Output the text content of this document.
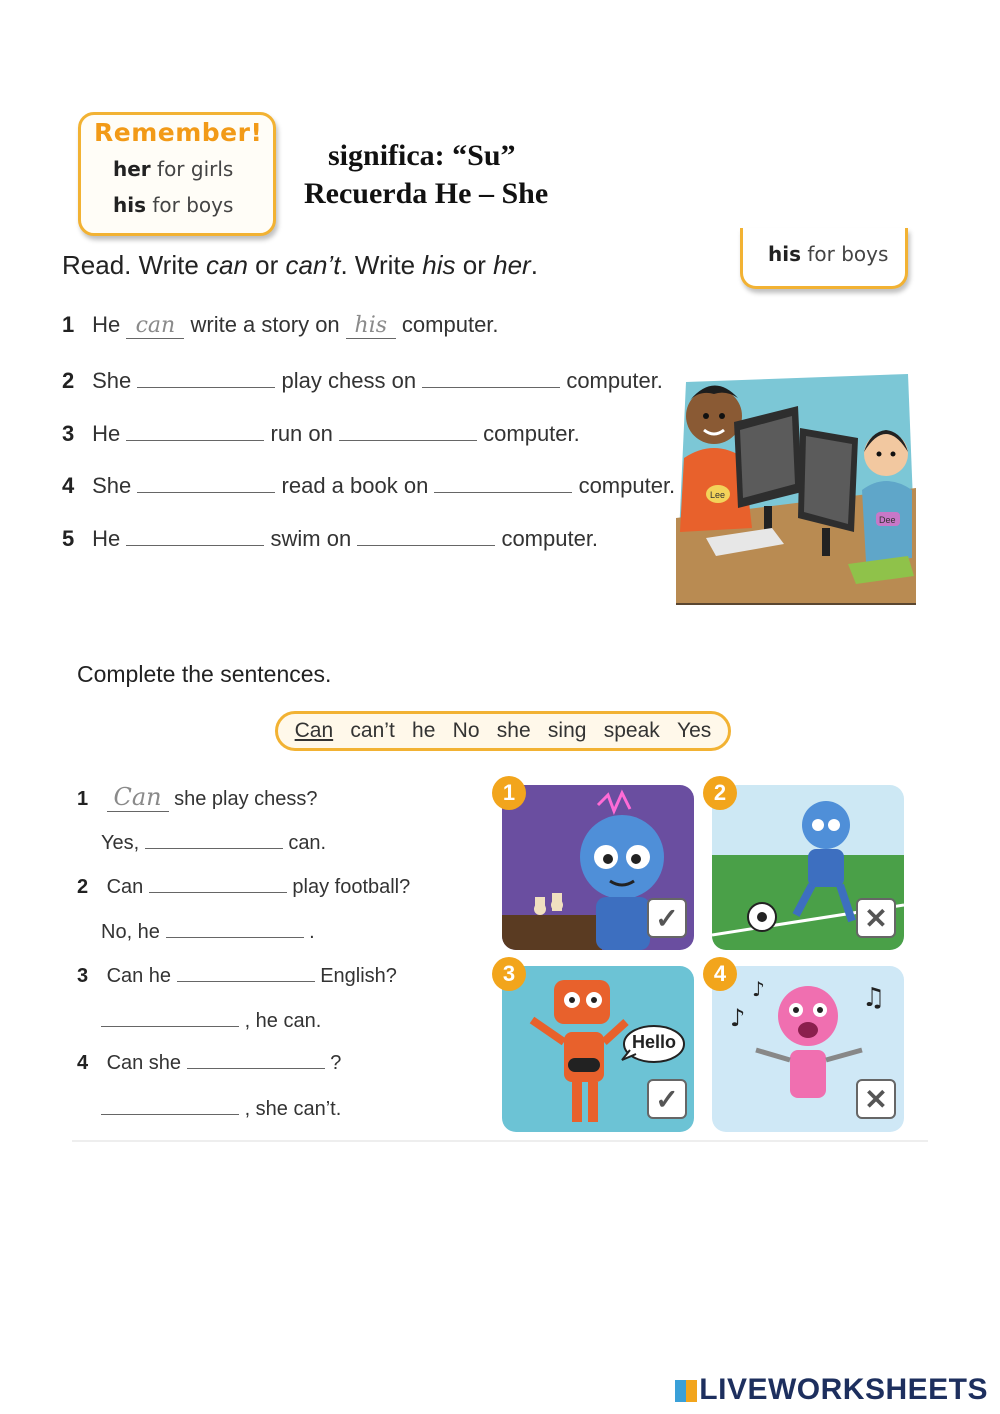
Remember!
her for girls
his for boys
significa: “Su”
Recuerda He – She
his for boys
Read. Write can or can’t. Write his or her.
1 He can write a story on his computer.
2 She	play chess on	computer.
3 He	run on	computer.
4 She	read a book on	computer.
5 He	swim on	computer.
Lee
Dee
Complete the sentences.
Can can’t he No she sing speak Yes
1 Can she play chess?
Yes,	can.
2 Can	play football?
No, he	.
3 Can he	English?
, he can.
4 Can she	?
, she can’t.
1
✓
2
✕
Hello
3
✓
♪
♫
♪
4
✕
LIVEWORKSHEETS
